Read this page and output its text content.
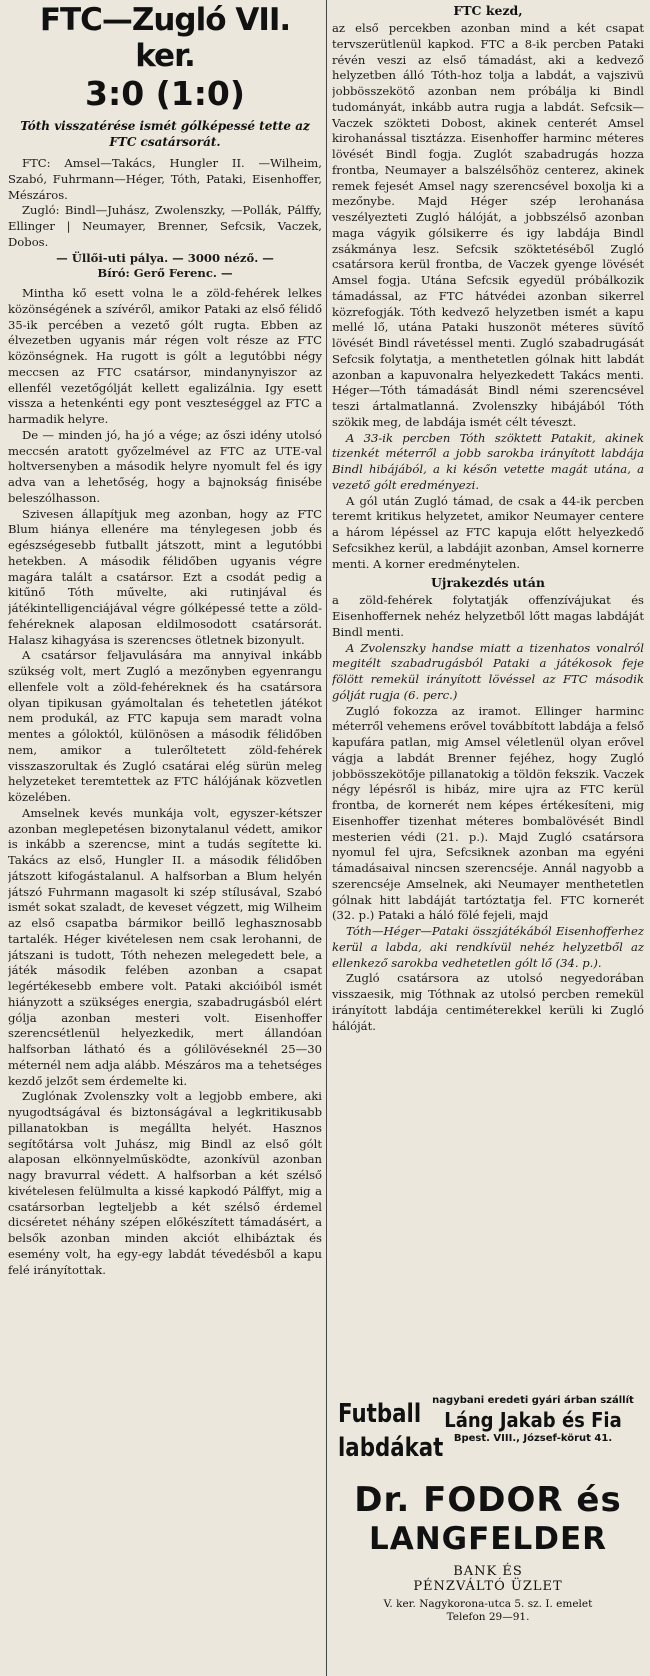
FTC—Zugló VII. ker.
3:0 (1:0)

Tóth visszatérése ismét gólképessé tette az FTC csatársorát.

FTC: Amsel—Takács, Hungler II. —Wilheim, Szabó, Fuhrmann—Héger, Tóth, Pataki, Eisenhoffer, Mészáros.

Zugló: Bindl—Juhász, Zwolenszky, —Pollák, Pálffy, Ellinger | Neumayer, Brenner, Sefcsik, Vaczek, Dobos.

— Üllői-uti pálya. — 3000 néző. —

Bíró: Gerő Ferenc. —

Mintha kő esett volna le a zöld-fehérek lelkes közönségének a szívéről, amikor Pataki az első félidő 35-ik percében a vezető gólt rugta. Ebben az élvezetben ugyanis már régen volt része az FTC közönségnek. Ha rugott is gólt a legutóbbi négy meccsen az FTC csatársor, mindanynyiszor az ellenfél vezetőgólját kellett egalizálnia. Igy esett vissza a hetenkénti egy pont veszteséggel az FTC a harmadik helyre.

De — minden jó, ha jó a vége; az őszi idény utolsó meccsén aratott győzelmével az FTC az UTE-val holtversenyben a második helyre nyomult fel és igy adva van a lehetőség, hogy a bajnokság finisébe beleszólhasson.

Szivesen állapítjuk meg azonban, hogy az FTC Blum hiánya ellenére ma ténylegesen jobb és egészségesebb futballt játszott, mint a legutóbbi hetekben. A második félidőben ugyanis végre magára talált a csatársor. Ezt a csodát pedig a kitűnő Tóth művelte, aki rutinjával és játékintelligenciájával végre gólképessé tette a zöld-fehéreknek alaposan eldilmosodott csatársorát. Halasz kihagyása is szerencses ötletnek bizonyult.

A csatársor feljavulására ma annyival inkább szükség volt, mert Zugló a mezőnyben egyenrangu ellenfele volt a zöld-fehéreknek és ha csatársora olyan tipikusan gyámoltalan és tehetetlen játékot nem produkál, az FTC kapuja sem maradt volna mentes a góloktól, különösen a második félidőben nem, amikor a tulerőltetett zöld-fehérek visszaszorultak és Zugló csatárai elég sürün meleg helyzeteket teremtettek az FTC hálójának közvetlen közelében.

Amselnek kevés munkája volt, egyszer-kétszer azonban meglepetésen bizonytalanul védett, amikor is inkább a szerencse, mint a tudás segítette ki. Takács az első, Hungler II. a második félidőben játszott kifogástalanul. A halfsorban a Blum helyén játszó Fuhrmann magasolt ki szép stílusával, Szabó ismét sokat szaladt, de keveset végzett, mig Wilheim az első csapatba bármikor beillő leghasznosabb tartalék. Héger kivételesen nem csak lerohanni, de játszani is tudott, Tóth nehezen melegedett bele, a játék második felében azonban a csapat legértékesebb embere volt. Pataki akcióiból ismét hiányzott a szükséges energia, szabadrugásból elért gólja azonban mesteri volt. Eisenhoffer szerencsétlenül helyezkedik, mert állandóan halfsorban látható és a gólilövéseknél 25—30 méternél nem adja alább. Mészáros ma a tehetséges kezdő jelzőt sem érdemelte ki.

Zuglónak Zvolenszky volt a legjobb embere, aki nyugodtságával és biztonságával a legkritikusabb pillanatokban is megállta helyét. Hasznos segítőtársa volt Juhász, mig Bindl az első gólt alaposan elkönnyelműsködte, azonkívül azonban nagy bravurral védett. A halfsorban a két szélső kivételesen felülmulta a kissé kapkodó Pálffyt, mig a csatársorban legteljebb a két szélső érdemel dicséretet néhány szépen előkészített támadásért, a belsők azonban minden akciót elhibáztak és esemény volt, ha egy-egy labdát tévedésből a kapu felé irányítottak.

FTC kezd,

az első percekben azonban mind a két csapat tervszerütlenül kapkod. FTC a 8-ik percben Pataki révén veszi az első támadást, aki a kedvező helyzetben álló Tóth-hoz tolja a labdát, a vajszivü jobbösszekötő azonban nem próbálja ki Bindl tudományát, inkább autra rugja a labdát. Sefcsik—Vaczek szökteti Dobost, akinek centerét Amsel kirohanással tisztázza. Eisenhoffer harminc méteres lövését Bindl fogja. Zuglót szabadrugás hozza frontba, Neumayer a balszélsőhöz centerez, akinek remek fejesét Amsel nagy szerencsével boxolja ki a mezőnybe. Majd Héger szép lerohanása veszélyezteti Zugló hálóját, a jobbszélső azonban maga vágyik gólsikerre és igy labdája Bindl zsákmánya lesz. Sefcsik szöktetéséből Zugló csatársora kerül frontba, de Vaczek gyenge lövését Amsel fogja. Utána Sefcsik egyedül próbálkozik támadással, az FTC hátvédei azonban sikerrel közrefogják. Tóth kedvező helyzetben ismét a kapu mellé lő, utána Pataki huszonöt méteres süvítő lövését Bindl rávetéssel menti. Zugló szabadrugását Sefcsik folytatja, a menthetetlen gólnak hitt labdát azonban a kapuvonalra helyezkedett Takács menti. Héger—Tóth támadását Bindl némi szerencsével teszi ártalmatlanná. Zvolenszky hibájából Tóth szökik meg, de labdája ismét célt téveszt.

A 33-ik percben Tóth szöktett Patakit, akinek tizenkét méterről a jobb sarokba irányított labdája Bindl hibájából, a ki későn vetette magát utána, a vezető gólt eredményezi.

A gól után Zugló támad, de csak a 44-ik percben teremt kritikus helyzetet, amikor Neumayer centere a három lépéssel az FTC kapuja előtt helyezkedő Sefcsikhez kerül, a labdájit azonban, Amsel kornerre menti. A korner eredménytelen.

Ujrakezdés után

a zöld-fehérek folytatják offenzívájukat és Eisenhoffernek nehéz helyzetből lőtt magas labdáját Bindl menti.

A Zvolenszky handse miatt a tizenhatos vonalról megitélt szabadrugásból Pataki a játékosok feje fölött remekül irányított lövéssel az FTC második gólját rugja (6. perc.)

Zugló fokozza az iramot. Ellinger harminc méterről vehemens erővel továbbított labdája a felső kapufára patlan, mig Amsel véletlenül olyan erővel vágja a labdát Brenner fejéhez, hogy Zugló jobbösszekötője pillanatokig a töldön fekszik. Vaczek négy lépésről is hibáz, mire ujra az FTC kerül frontba, de kornerét nem képes értékesíteni, mig Eisenhoffer tizenhat méteres bombalövését Bindl mesterien védi (21. p.). Majd Zugló csatársora nyomul fel ujra, Sefcsiknek azonban ma egyéni támadásaival nincsen szerencséje. Annál nagyobb a szerencséje Amselnek, aki Neumayer menthetetlen gólnak hitt labdáját tartóztatja fel. FTC kornerét (32. p.) Pataki a háló fölé fejeli, majd

Tóth—Héger—Pataki összjátékából Eisenhofferhez kerül a labda, aki rendkívül nehéz helyzetből az ellenkező sarokba vedhetetlen gólt lő (34. p.).

Zugló csatársora az utolsó negyedorában visszaesik, mig Tóthnak az utolsó percben remekül irányított labdája centiméterekkel kerüli ki Zugló hálóját.

Futball
labdákat
nagybani eredeti gyári árban szállít
Láng Jakab és Fia
Bpest. VIII., József-körut 41.
Dr. FODOR és
LANGFELDER
BANK ÉS
PÉNZVÁLTÓ ÜZLET
V. ker. Nagykorona-utca 5. sz. I. emelet
Telefon 29—91.
